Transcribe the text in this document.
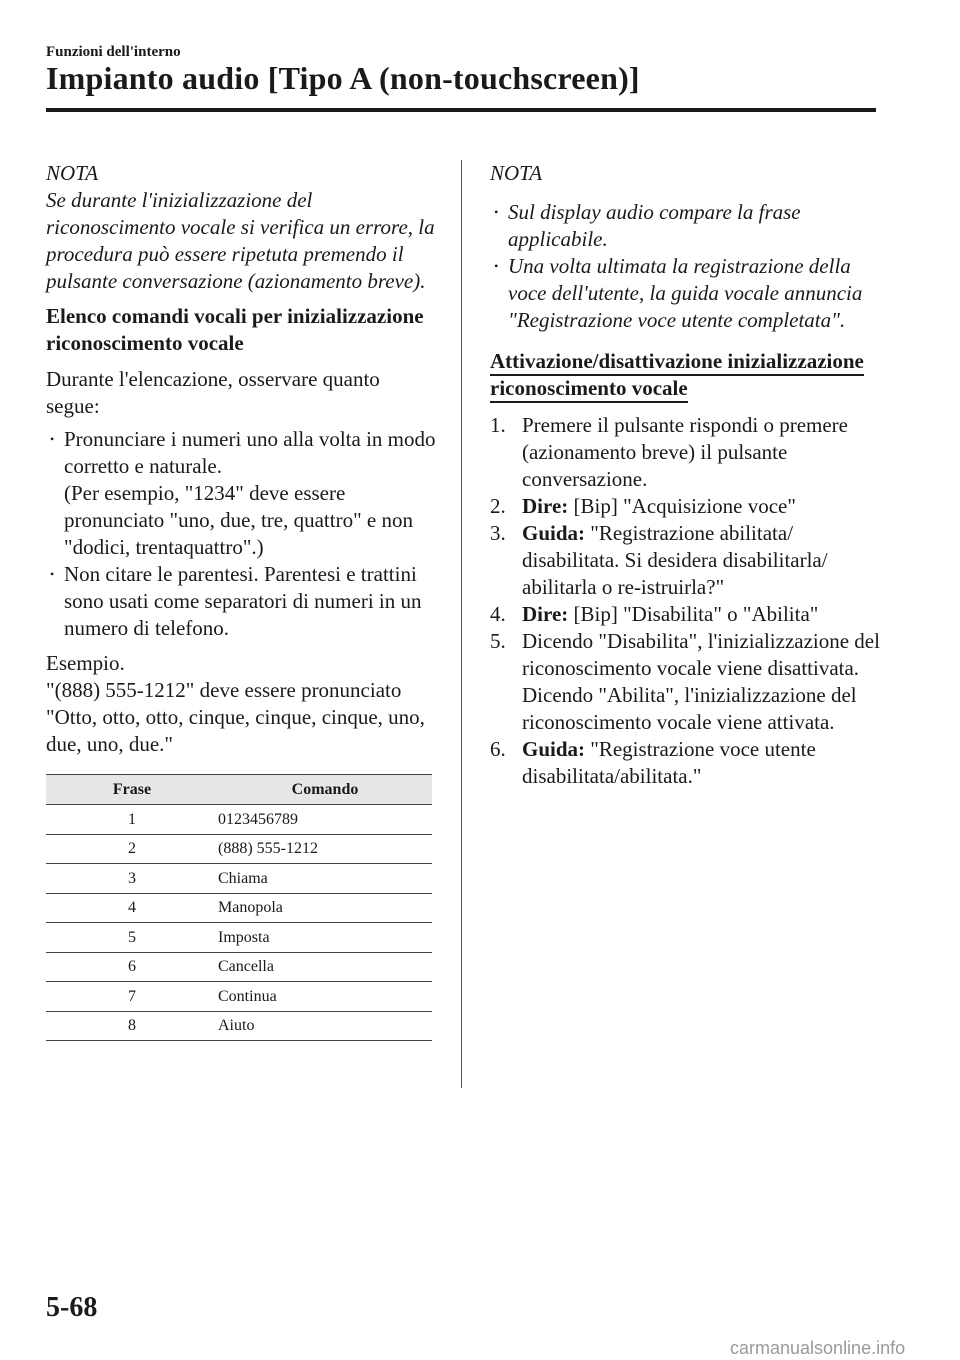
Funzioni dell'interno
Impianto audio [Tipo A (non-touchscreen)]
NOTA
Se durante l'inizializzazione del riconoscimento vocale si verifica un errore, la procedura può essere ripetuta premendo il pulsante conversazione (azionamento breve).
Elenco comandi vocali per inizializzazione riconoscimento vocale
Durante l'elencazione, osservare quanto segue:
• Pronunciare i numeri uno alla volta in modo corretto e naturale.
(Per esempio, "1234" deve essere pronunciato "uno, due, tre, quattro" e non "dodici, trentaquattro".)
• Non citare le parentesi. Parentesi e trattini sono usati come separatori di numeri in un numero di telefono.
Esempio.
"(888) 555-1212" deve essere pronunciato "Otto, otto, otto, cinque, cinque, cinque, uno, due, uno, due."
Frase	Comando
1	0123456789
2	(888) 555-1212
3	Chiama
4	Manopola
5	Imposta
6	Cancella
7	Continua
8	Aiuto
NOTA
• Sul display audio compare la frase applicabile.
• Una volta ultimata la registrazione della voce dell'utente, la guida vocale annuncia "Registrazione voce utente completata".
Attivazione/disattivazione inizializzazione riconoscimento vocale
1. Premere il pulsante rispondi o premere (azionamento breve) il pulsante conversazione.
2. Dire: [Bip] "Acquisizione voce"
3. Guida: "Registrazione abilitata/ disabilitata. Si desidera disabilitarla/ abilitarla o re-istruirla?"
4. Dire: [Bip] "Disabilita" o "Abilita"
5. Dicendo "Disabilita", l'inizializzazione del riconoscimento vocale viene disattivata.
Dicendo "Abilita", l'inizializzazione del riconoscimento vocale viene attivata.
6. Guida: "Registrazione voce utente disabilitata/abilitata."
5-68
carmanualsonline.info
